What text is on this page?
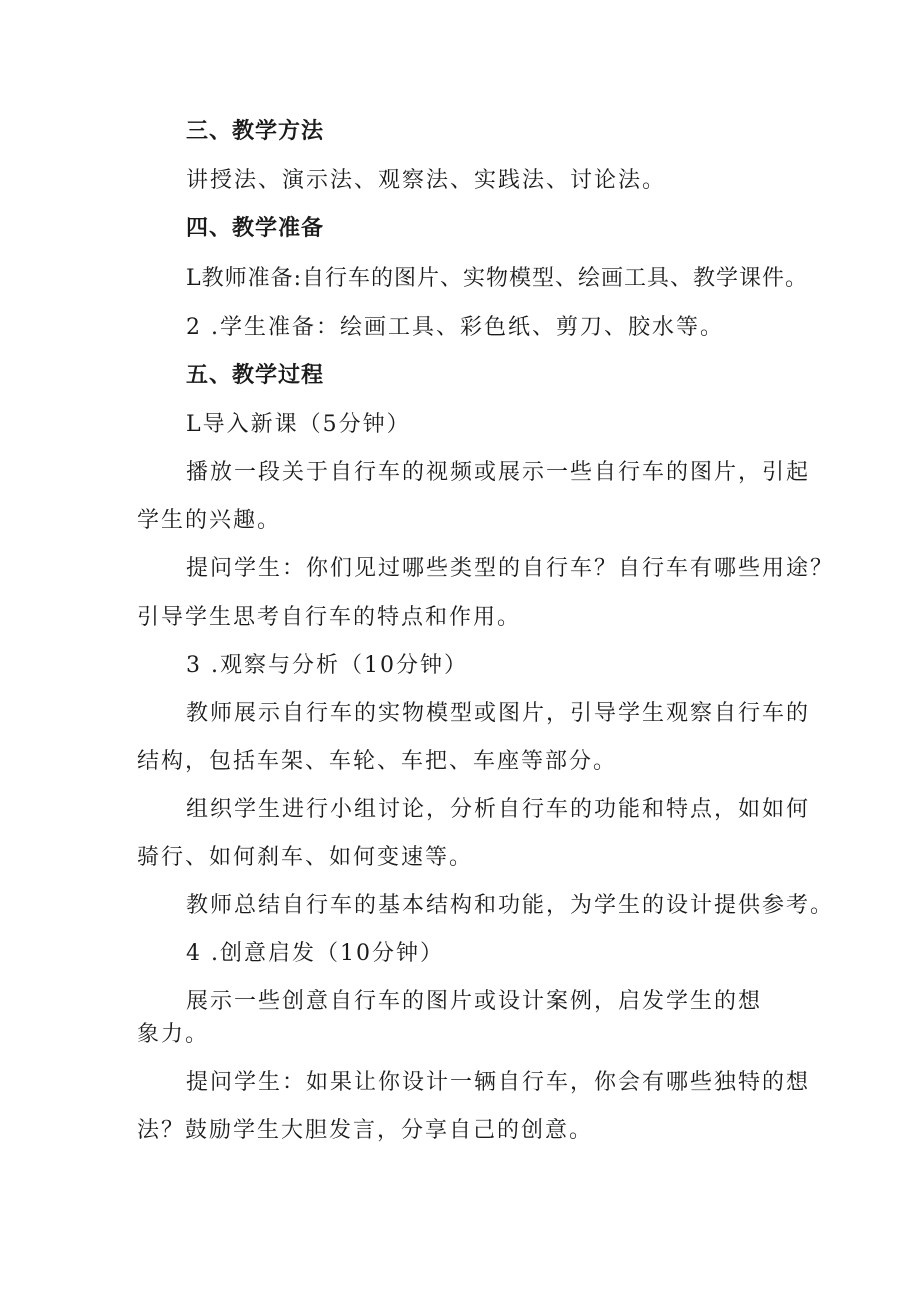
三、教学方法
讲授法、演示法、观察法、实践法、讨论法。
四、教学准备
L教师准备:自行车的图片、实物模型、绘画工具、教学课件。
2 .学生准备：绘画工具、彩色纸、剪刀、胶水等。
五、教学过程
L导入新课（5分钟）
播放一段关于自行车的视频或展示一些自行车的图片，引起
学生的兴趣。
提问学生：你们见过哪些类型的自行车？自行车有哪些用途？
引导学生思考自行车的特点和作用。
3 .观察与分析（10分钟）
教师展示自行车的实物模型或图片，引导学生观察自行车的
结构，包括车架、车轮、车把、车座等部分。
组织学生进行小组讨论，分析自行车的功能和特点，如如何
骑行、如何刹车、如何变速等。
教师总结自行车的基本结构和功能，为学生的设计提供参考。
4 .创意启发（10分钟）
展示一些创意自行车的图片或设计案例，启发学生的想
象力。
提问学生：如果让你设计一辆自行车，你会有哪些独特的想
法？鼓励学生大胆发言，分享自己的创意。
